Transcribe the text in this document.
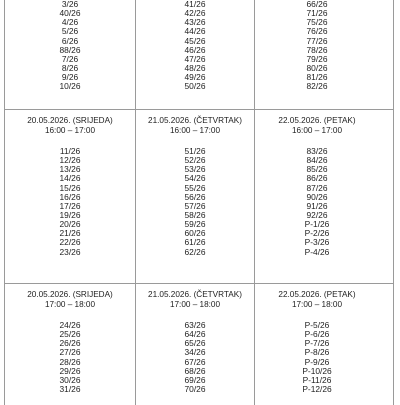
3/26
40/26
4/26
5/26
6/26
88/26
7/26
8/26
9/26
10/26
41/26
42/26
43/26
44/26
45/26
46/26
47/26
48/26
49/26
50/26
66/26
71/26
75/26
76/26
77/26
78/26
79/26
80/26
81/26
82/26
20.05.2026. (SRIJEDA)
16:00 – 17:00
11/26
12/26
13/26
14/26
15/26
16/26
17/26
19/26
20/26
21/26
22/26
23/26
21.05.2026. (ČETVRTAK)
16:00 – 17:00
51/26
52/26
53/26
54/26
55/26
56/26
57/26
58/26
59/26
60/26
61/26
62/26
22.05.2026. (PETAK)
16:00 – 17:00
83/26
84/26
85/26
86/26
87/26
90/26
91/26
92/26
P-1/26
P-2/26
P-3/26
P-4/26
20.05.2026. (SRIJEDA)
17:00 – 18:00
24/26
25/26
26/26
27/26
28/26
29/26
30/26
31/26
21.05.2026. (ČETVRTAK)
17:00 – 18:00
63/26
64/26
65/26
34/26
67/26
68/26
69/26
70/26
22.05.2026. (PETAK)
17:00 – 18:00
P-5/26
P-6/26
P-7/26
P-8/26
P-9/26
P-10/26
P-11/26
P-12/26
